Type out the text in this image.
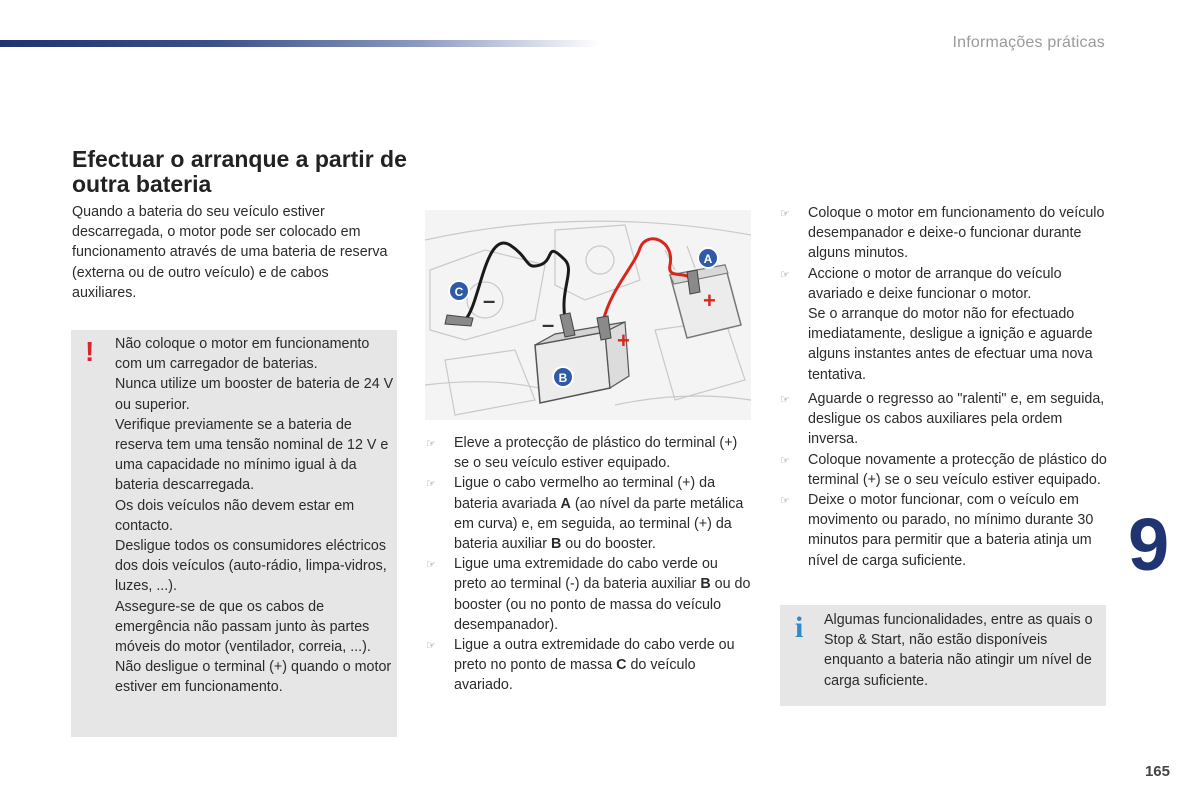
Informações práticas
Efectuar o arranque a partir de outra bateria

Quando a bateria do seu veículo estiver descarregada, o motor pode ser colocado em funcionamento através de uma bateria de reserva (externa ou de outro veículo) e de cabos auxiliares.

! Não coloque o motor em funcionamento com um carregador de baterias.

Nunca utilize um booster de bateria de 24 V ou superior.

Verifique previamente se a bateria de reserva tem uma tensão nominal de 12 V e uma capacidade no mínimo igual à da bateria descarregada.

Os dois veículos não devem estar em contacto.

Desligue todos os consumidores eléctricos dos dois veículos (auto-rádio, limpa-vidros, luzes, ...).

Assegure-se de que os cabos de emergência não passam junto às partes móveis do motor (ventilador, correia, ...).

Não desligue o terminal (+) quando o motor estiver em funcionamento.

–
–
+
+
A
B
C
☞ Eleve a protecção de plástico do terminal (+) se o seu veículo estiver equipado.
☞ Ligue o cabo vermelho ao terminal (+) da bateria avariada A (ao nível da parte metálica em curva) e, em seguida, ao terminal (+) da bateria auxiliar B ou do booster.
☞ Ligue uma extremidade do cabo verde ou preto ao terminal (-) da bateria auxiliar B ou do booster (ou no ponto de massa do veículo desempanador).
☞ Ligue a outra extremidade do cabo verde ou preto no ponto de massa C do veículo avariado.
☞ Coloque o motor em funcionamento do veículo desempanador e deixe-o funcionar durante alguns minutos.
☞ Accione o motor de arranque do veículo avariado e deixe funcionar o motor.
Se o arranque do motor não for efectuado imediatamente, desligue a ignição e aguarde alguns instantes antes de efectuar uma nova tentativa.
☞ Aguarde o regresso ao "ralenti" e, em seguida, desligue os cabos auxiliares pela ordem inversa.
☞ Coloque novamente a protecção de plástico do terminal (+) se o seu veículo estiver equipado.
☞ Deixe o motor funcionar, com o veículo em movimento ou parado, no mínimo durante 30 minutos para permitir que a bateria atinja um nível de carga suficiente.
i Algumas funcionalidades, entre as quais o Stop & Start, não estão disponíveis enquanto a bateria não atingir um nível de carga suficiente.
9
165
